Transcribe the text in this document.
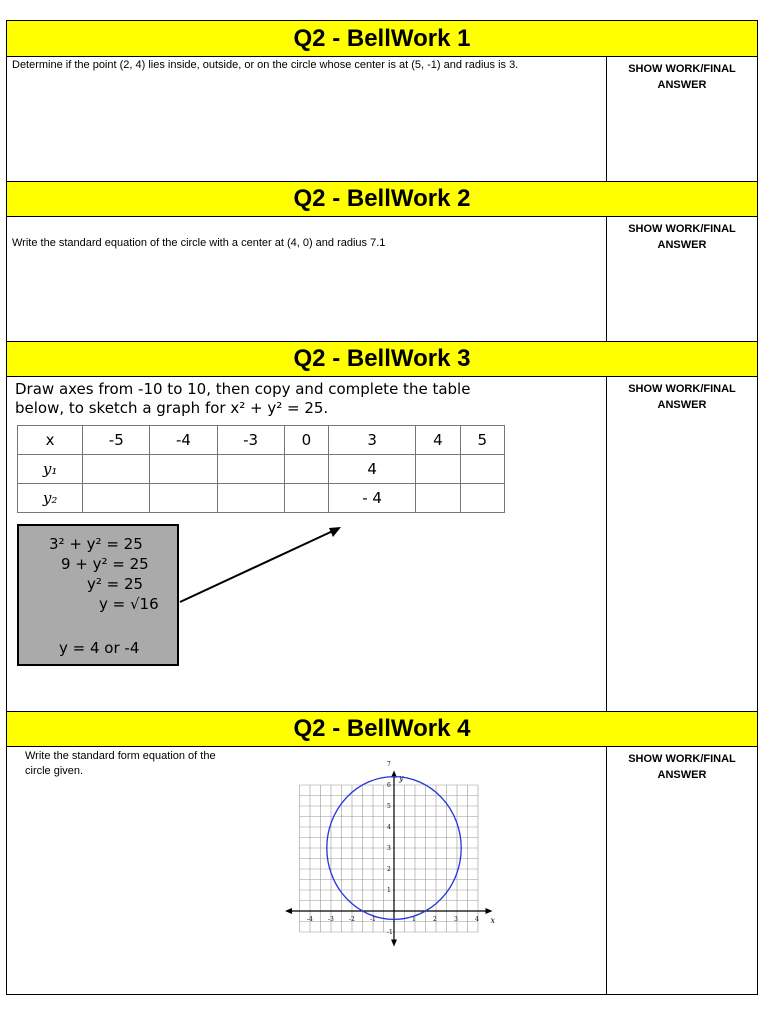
Q2 - BellWork 1
Determine if the point (2, 4) lies inside, outside, or on the circle whose center is at (5, -1) and radius is 3.	SHOW WORK/FINAL ANSWER
Q2 - BellWork 2
Write the standard equation of the circle with a center at (4, 0) and radius 7.1
SHOW WORK/FINAL ANSWER
Q2 - BellWork 3
Draw axes from -10 to 10, then copy and complete the table
below, to sketch a graph for x² + y² = 25.
x	-5	-4	-3	0	3	4	5
y₁					4		
y₂					- 4		
3² + y² = 25
9 + y² = 25
y² = 25
y = √16
y = 4 or -4
SHOW WORK/FINAL ANSWER
Q2 - BellWork 4
Write the standard form equation of the
circle given.
x
y
-4	-3	-2	-1	1	2	3	4
-1
1
2
3
4
5
6
7	SHOW WORK/FINAL ANSWER
